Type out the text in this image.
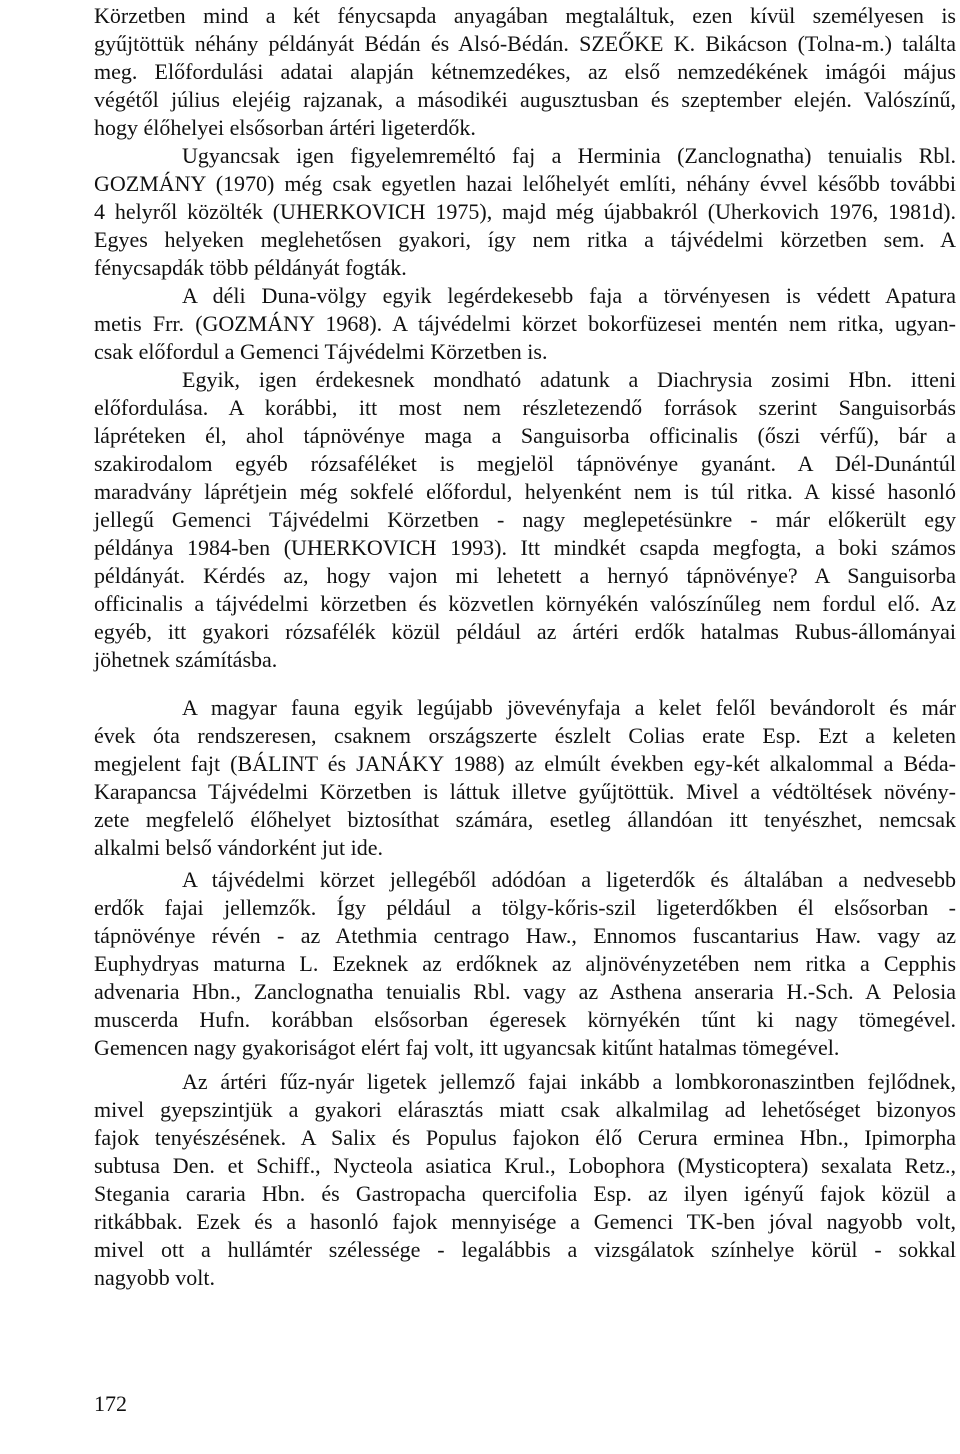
Körzetben mind a két fénycsapda anyagában megtaláltuk, ezen kívül személyesen is
gyűjtöttük néhány példányát Bédán és Alsó-Bédán. SZEŐKE K. Bikácson (Tolna-m.) találta
meg. Előfordulási adatai alapján kétnemzedékes, az első nemzedékének imágói május
végétől július elejéig rajzanak, a másodikéi augusztusban és szeptember elején. Valószínű,
hogy élőhelyei elsősorban ártéri ligeterdők.
Ugyancsak igen figyelemreméltó faj a Herminia (Zanclognatha) tenuialis Rbl.
GOZMÁNY (1970) még csak egyetlen hazai lelőhelyét említi, néhány évvel később további
4 helyről közölték (UHERKOVICH 1975), majd még újabbakról (Uherkovich 1976, 1981d).
Egyes helyeken meglehetősen gyakori, így nem ritka a tájvédelmi körzetben sem. A
fénycsapdák több példányát fogták.
A déli Duna-völgy egyik legérdekesebb faja a törvényesen is védett Apatura
metis Frr. (GOZMÁNY 1968). A tájvédelmi körzet bokorfüzesei mentén nem ritka, ugyan-
csak előfordul a Gemenci Tájvédelmi Körzetben is.
Egyik, igen érdekesnek mondható adatunk a Diachrysia zosimi Hbn. itteni
előfordulása. A korábbi, itt most nem részletezendő források szerint Sanguisorbás
lápréteken él, ahol tápnövénye maga a Sanguisorba officinalis (őszi vérfű), bár a
szakirodalom egyéb rózsaféléket is megjelöl tápnövénye gyanánt. A Dél-Dunántúl
maradvány láprétjein még sokfelé előfordul, helyenként nem is túl ritka. A kissé hasonló
jellegű Gemenci Tájvédelmi Körzetben - nagy meglepetésünkre - már előkerült egy
példánya 1984-ben (UHERKOVICH 1993). Itt mindkét csapda megfogta, a boki számos
példányát. Kérdés az, hogy vajon mi lehetett a hernyó tápnövénye? A Sanguisorba
officinalis a tájvédelmi körzetben és közvetlen környékén valószínűleg nem fordul elő. Az
egyéb, itt gyakori rózsafélék közül például az ártéri erdők hatalmas Rubus-állományai
jöhetnek számításba.
A magyar fauna egyik legújabb jövevényfaja a kelet felől bevándorolt és már
évek óta rendszeresen, csaknem országszerte észlelt Colias erate Esp. Ezt a keleten
megjelent fajt (BÁLINT és JANÁKY 1988) az elmúlt években egy-két alkalommal a Béda-
Karapancsa Tájvédelmi Körzetben is láttuk illetve gyűjtöttük. Mivel a védtöltések növény-
zete megfelelő élőhelyet biztosíthat számára, esetleg állandóan itt tenyészhet, nemcsak
alkalmi belső vándorként jut ide.
A tájvédelmi körzet jellegéből adódóan a ligeterdők és általában a nedvesebb
erdők fajai jellemzők. Így például a tölgy-kőris-szil ligeterdőkben él elsősorban -
tápnövénye révén - az Atethmia centrago Haw., Ennomos fuscantarius Haw. vagy az
Euphydryas maturna L. Ezeknek az erdőknek az aljnövényzetében nem ritka a Cepphis
advenaria Hbn., Zanclognatha tenuialis Rbl. vagy az Asthena anseraria H.-Sch. A Pelosia
muscerda Hufn. korábban elsősorban égeresek környékén tűnt ki nagy tömegével.
Gemencen nagy gyakoriságot elért faj volt, itt ugyancsak kitűnt hatalmas tömegével.
Az ártéri fűz-nyár ligetek jellemző fajai inkább a lombkoronaszintben fejlődnek,
mivel gyepszintjük a gyakori elárasztás miatt csak alkalmilag ad lehetőséget bizonyos
fajok tenyészésének. A Salix és Populus fajokon élő Cerura erminea Hbn., Ipimorpha
subtusa Den. et Schiff., Nycteola asiatica Krul., Lobophora (Mysticoptera) sexalata Retz.,
Stegania cararia Hbn. és Gastropacha quercifolia Esp. az ilyen igényű fajok közül a
ritkábbak. Ezek és a hasonló fajok mennyisége a Gemenci TK-ben jóval nagyobb volt,
mivel ott a hullámtér szélessége - legalábbis a vizsgálatok színhelye körül - sokkal
nagyobb volt.
172
